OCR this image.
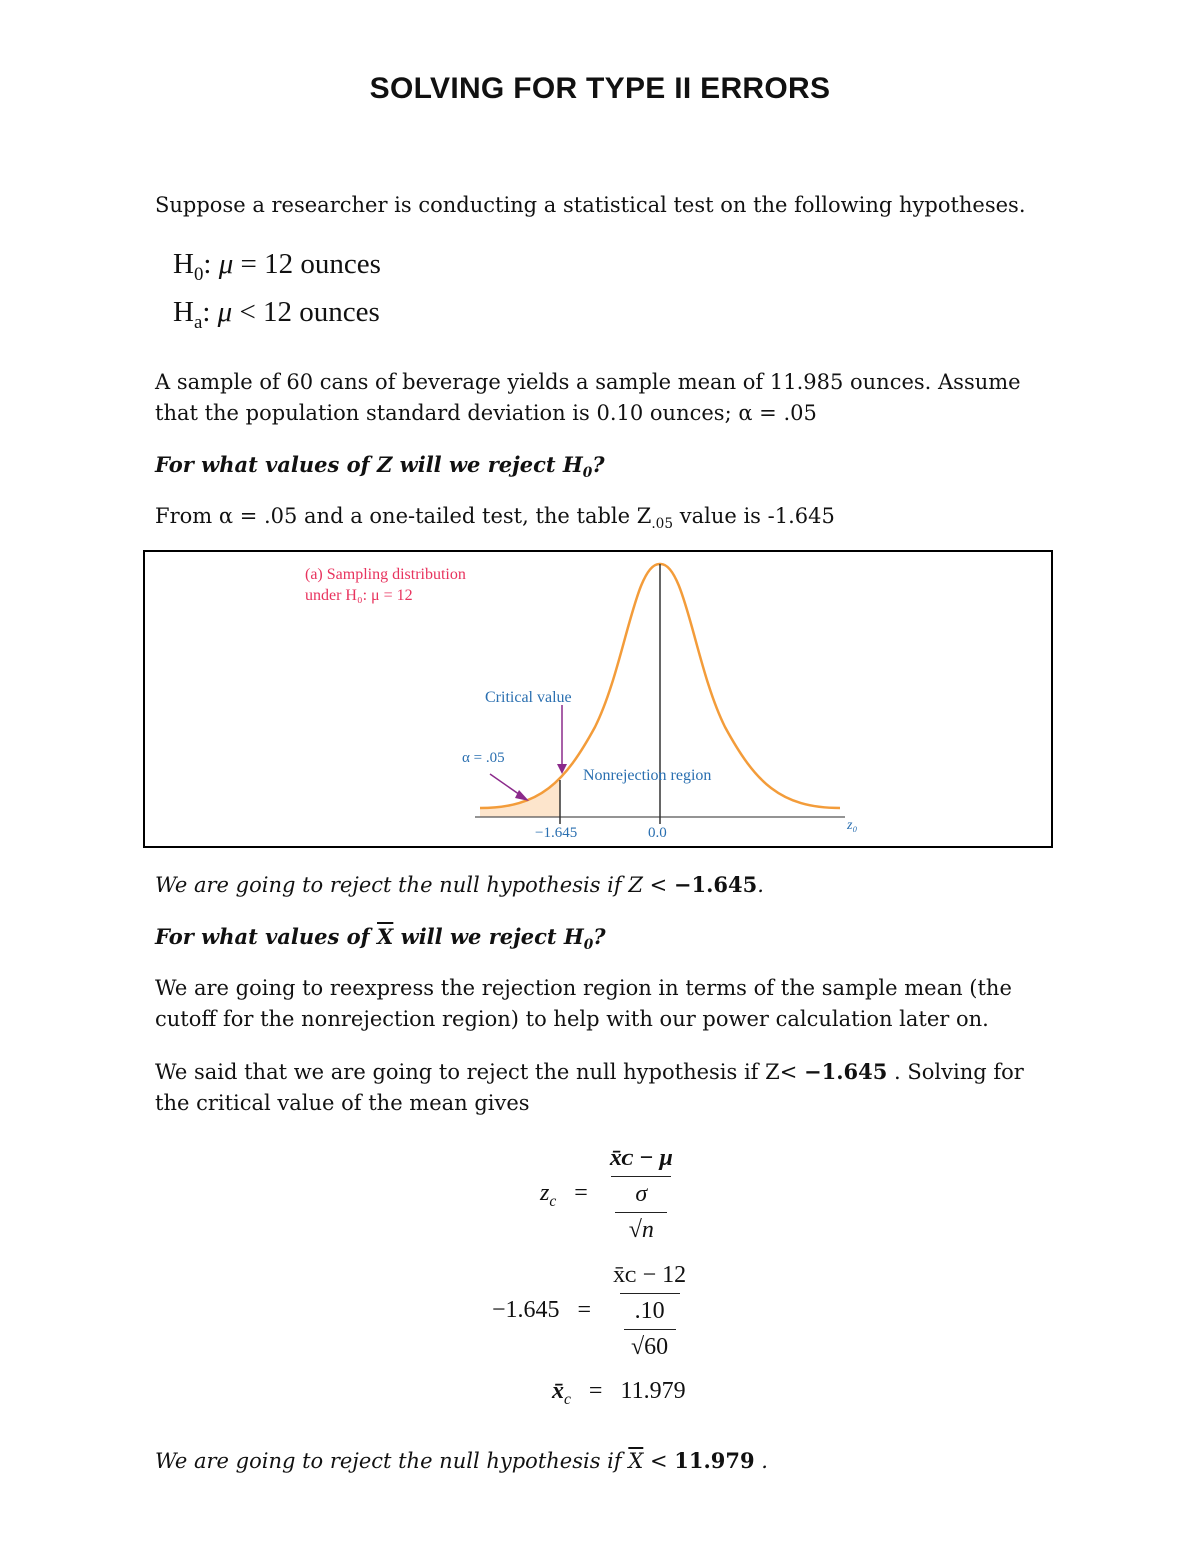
SOLVING FOR TYPE II ERRORS
Suppose a researcher is conducting a statistical test on the following hypotheses.
$H_0$: μ = 12 ounces
$H_a$: μ < 12 ounces
A sample of 60 cans of beverage yields a sample mean of 11.985 ounces. Assume that the population standard deviation is 0.10 ounces; α = .05
For what values of Z will we reject $H_0$?
From α = .05 and a one-tailed test, the table $Z_{.05}$ value is -1.645
(a) Sampling distribution
under H₀: μ = 12
Critical value
α = .05
Nonrejection region
−1.645	0.0	z₀
We are going to reject the null hypothesis if Z < −1.645.
For what values of $\overline{X}$ will we reject $H_0$?
We are going to reexpress the rejection region in terms of the sample mean (the cutoff for the nonrejection region) to help with our power calculation later on.
We said that we are going to reject the null hypothesis if Z< −1.645 . Solving for the critical value of the mean gives
$z_c = \frac{\text{x̄ᴄ − μ}}{\frac{\sigma}{√n}}$
$-1.645 = \frac{\text{x̄ᴄ − 12}}{\frac{.10}{√60}}$
$x̄_c = 11.979$
We are going to reject the null hypothesis if $\overline{X} < 11.979$ .
